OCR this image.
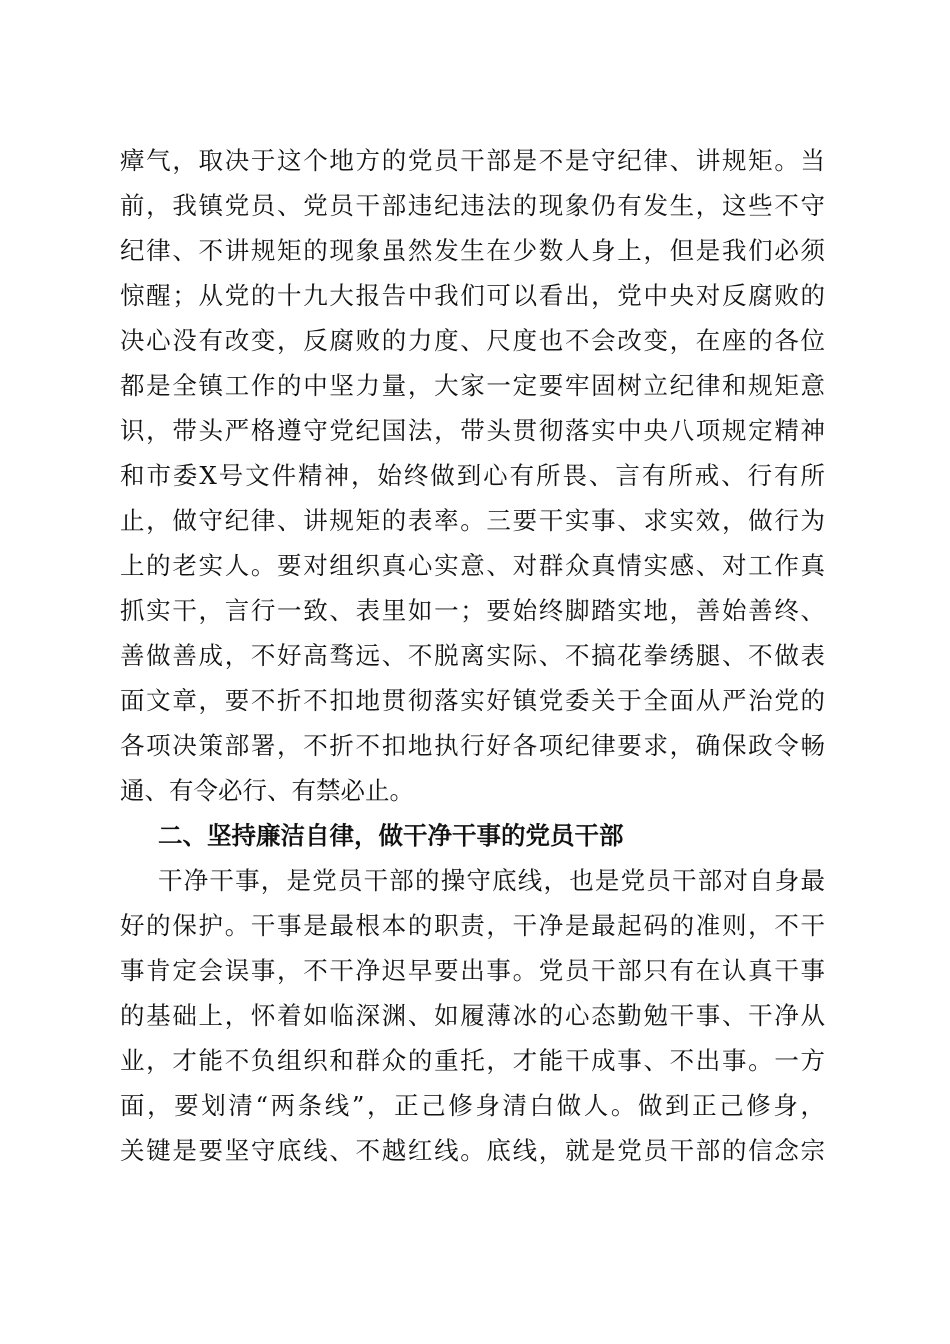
瘴气，取决于这个地方的党员干部是不是守纪律、讲规矩。当
前，我镇党员、党员干部违纪违法的现象仍有发生，这些不守
纪律、不讲规矩的现象虽然发生在少数人身上，但是我们必须
惊醒；从党的十九大报告中我们可以看出，党中央对反腐败的
决心没有改变，反腐败的力度、尺度也不会改变，在座的各位
都是全镇工作的中坚力量，大家一定要牢固树立纪律和规矩意
识，带头严格遵守党纪国法，带头贯彻落实中央八项规定精神
和市委X号文件精神，始终做到心有所畏、言有所戒、行有所
止，做守纪律、讲规矩的表率。三要干实事、求实效，做行为
上的老实人。要对组织真心实意、对群众真情实感、对工作真
抓实干，言行一致、表里如一；要始终脚踏实地，善始善终、
善做善成，不好高骛远、不脱离实际、不搞花拳绣腿、不做表
面文章，要不折不扣地贯彻落实好镇党委关于全面从严治党的
各项决策部署，不折不扣地执行好各项纪律要求，确保政令畅
通、有令必行、有禁必止。
二、坚持廉洁自律，做干净干事的党员干部
干净干事，是党员干部的操守底线，也是党员干部对自身最
好的保护。干事是最根本的职责，干净是最起码的准则，不干
事肯定会误事，不干净迟早要出事。党员干部只有在认真干事
的基础上，怀着如临深渊、如履薄冰的心态勤勉干事、干净从
业，才能不负组织和群众的重托，才能干成事、不出事。一方
面，要划清“两条线”，正己修身清白做人。做到正己修身，
关键是要坚守底线、不越红线。底线，就是党员干部的信念宗
